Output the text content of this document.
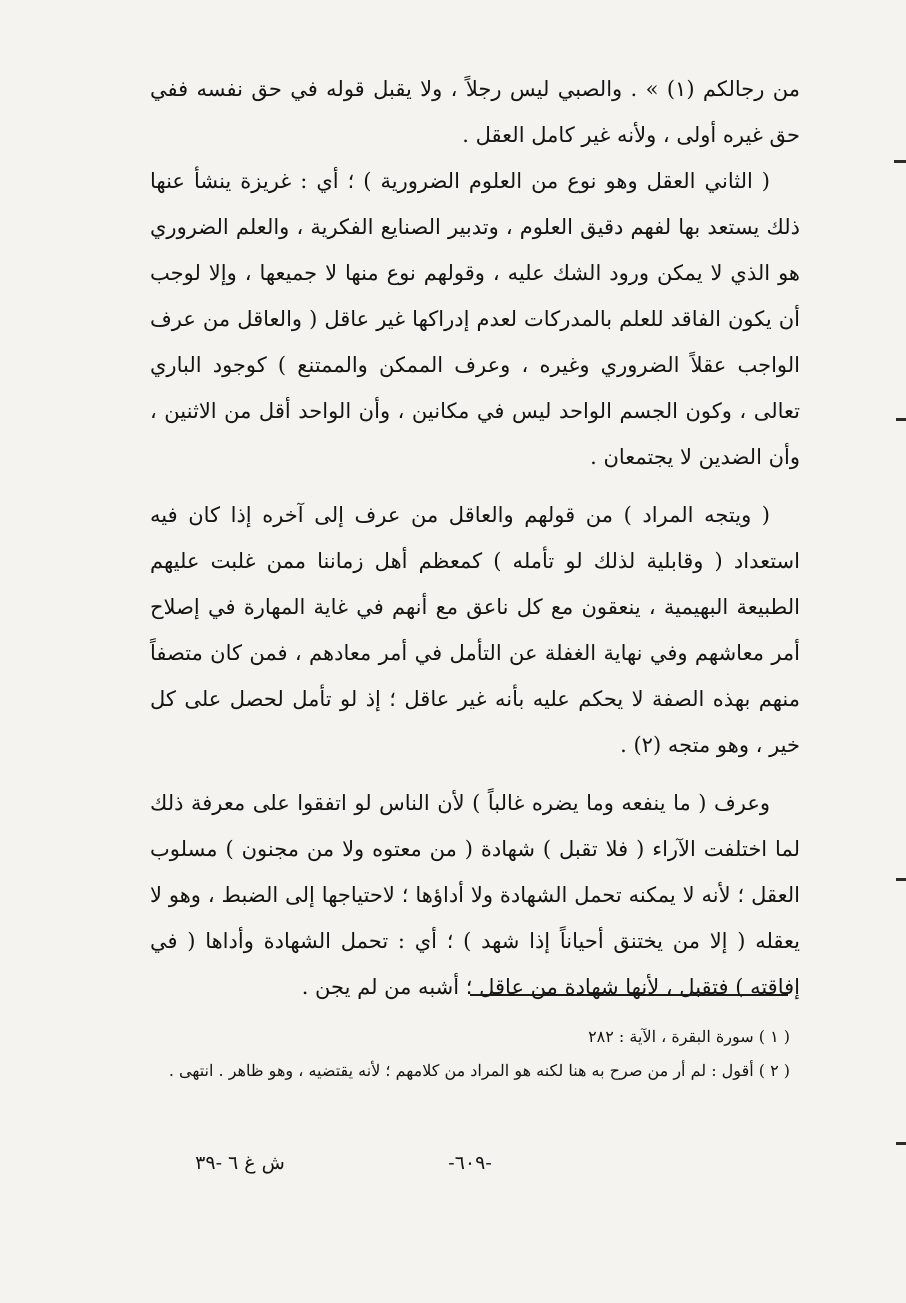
من رجالكم (١) » . والصبي ليس رجلاً ، ولا يقبل قوله في حق نفسه ففي حق غيره أولى ، ولأنه غير كامل العقل .

( الثاني العقل وهو نوع من العلوم الضرورية ) ؛ أي : غريزة ينشأ عنها ذلك يستعد بها لفهم دقيق العلوم ، وتدبير الصنايع الفكرية ، والعلم الضروري هو الذي لا يمكن ورود الشك عليه ، وقولهم نوع منها لا جميعها ، وإلا لوجب أن يكون الفاقد للعلم بالمدركات لعدم إدراكها غير عاقل ( والعاقل من عرف الواجب عقلاً الضروري وغيره ، وعرف الممكن والممتنع ) كوجود الباري تعالى ، وكون الجسم الواحد ليس في مكانين ، وأن الواحد أقل من الاثنين ، وأن الضدين لا يجتمعان .

( ويتجه المراد ) من قولهم والعاقل من عرف إلى آخره إذا كان فيه استعداد ( وقابلية لذلك لو تأمله ) كمعظم أهل زماننا ممن غلبت عليهم الطبيعة البهيمية ، ينعقون مع كل ناعق مع أنهم في غاية المهارة في إصلاح أمر معاشهم وفي نهاية الغفلة عن التأمل في أمر معادهم ، فمن كان متصفاً منهم بهذه الصفة لا يحكم عليه بأنه غير عاقل ؛ إذ لو تأمل لحصل على كل خير ، وهو متجه (٢) .

وعرف ( ما ينفعه وما يضره غالباً ) لأن الناس لو اتفقوا على معرفة ذلك لما اختلفت الآراء ( فلا تقبل ) شهادة ( من معتوه ولا من مجنون ) مسلوب العقل ؛ لأنه لا يمكنه تحمل الشهادة ولا أداؤها ؛ لاحتياجها إلى الضبط ، وهو لا يعقله ( إلا من يختنق أحياناً إذا شهد ) ؛ أي : تحمل الشهادة وأداها ( في إفاقته ) فتقبل ، لأنها شهادة من عاقل ؛ أشبه من لم يجن .

( ١ ) سورة البقرة ، الآية : ٢٨٢

( ٢ ) أقول : لم أر من صرح به هنا لكنه هو المراد من كلامهم ؛ لأنه يقتضيه ، وهو ظاهر . انتهى .

-٦٠٩-
ش غ ٦ -٣٩
